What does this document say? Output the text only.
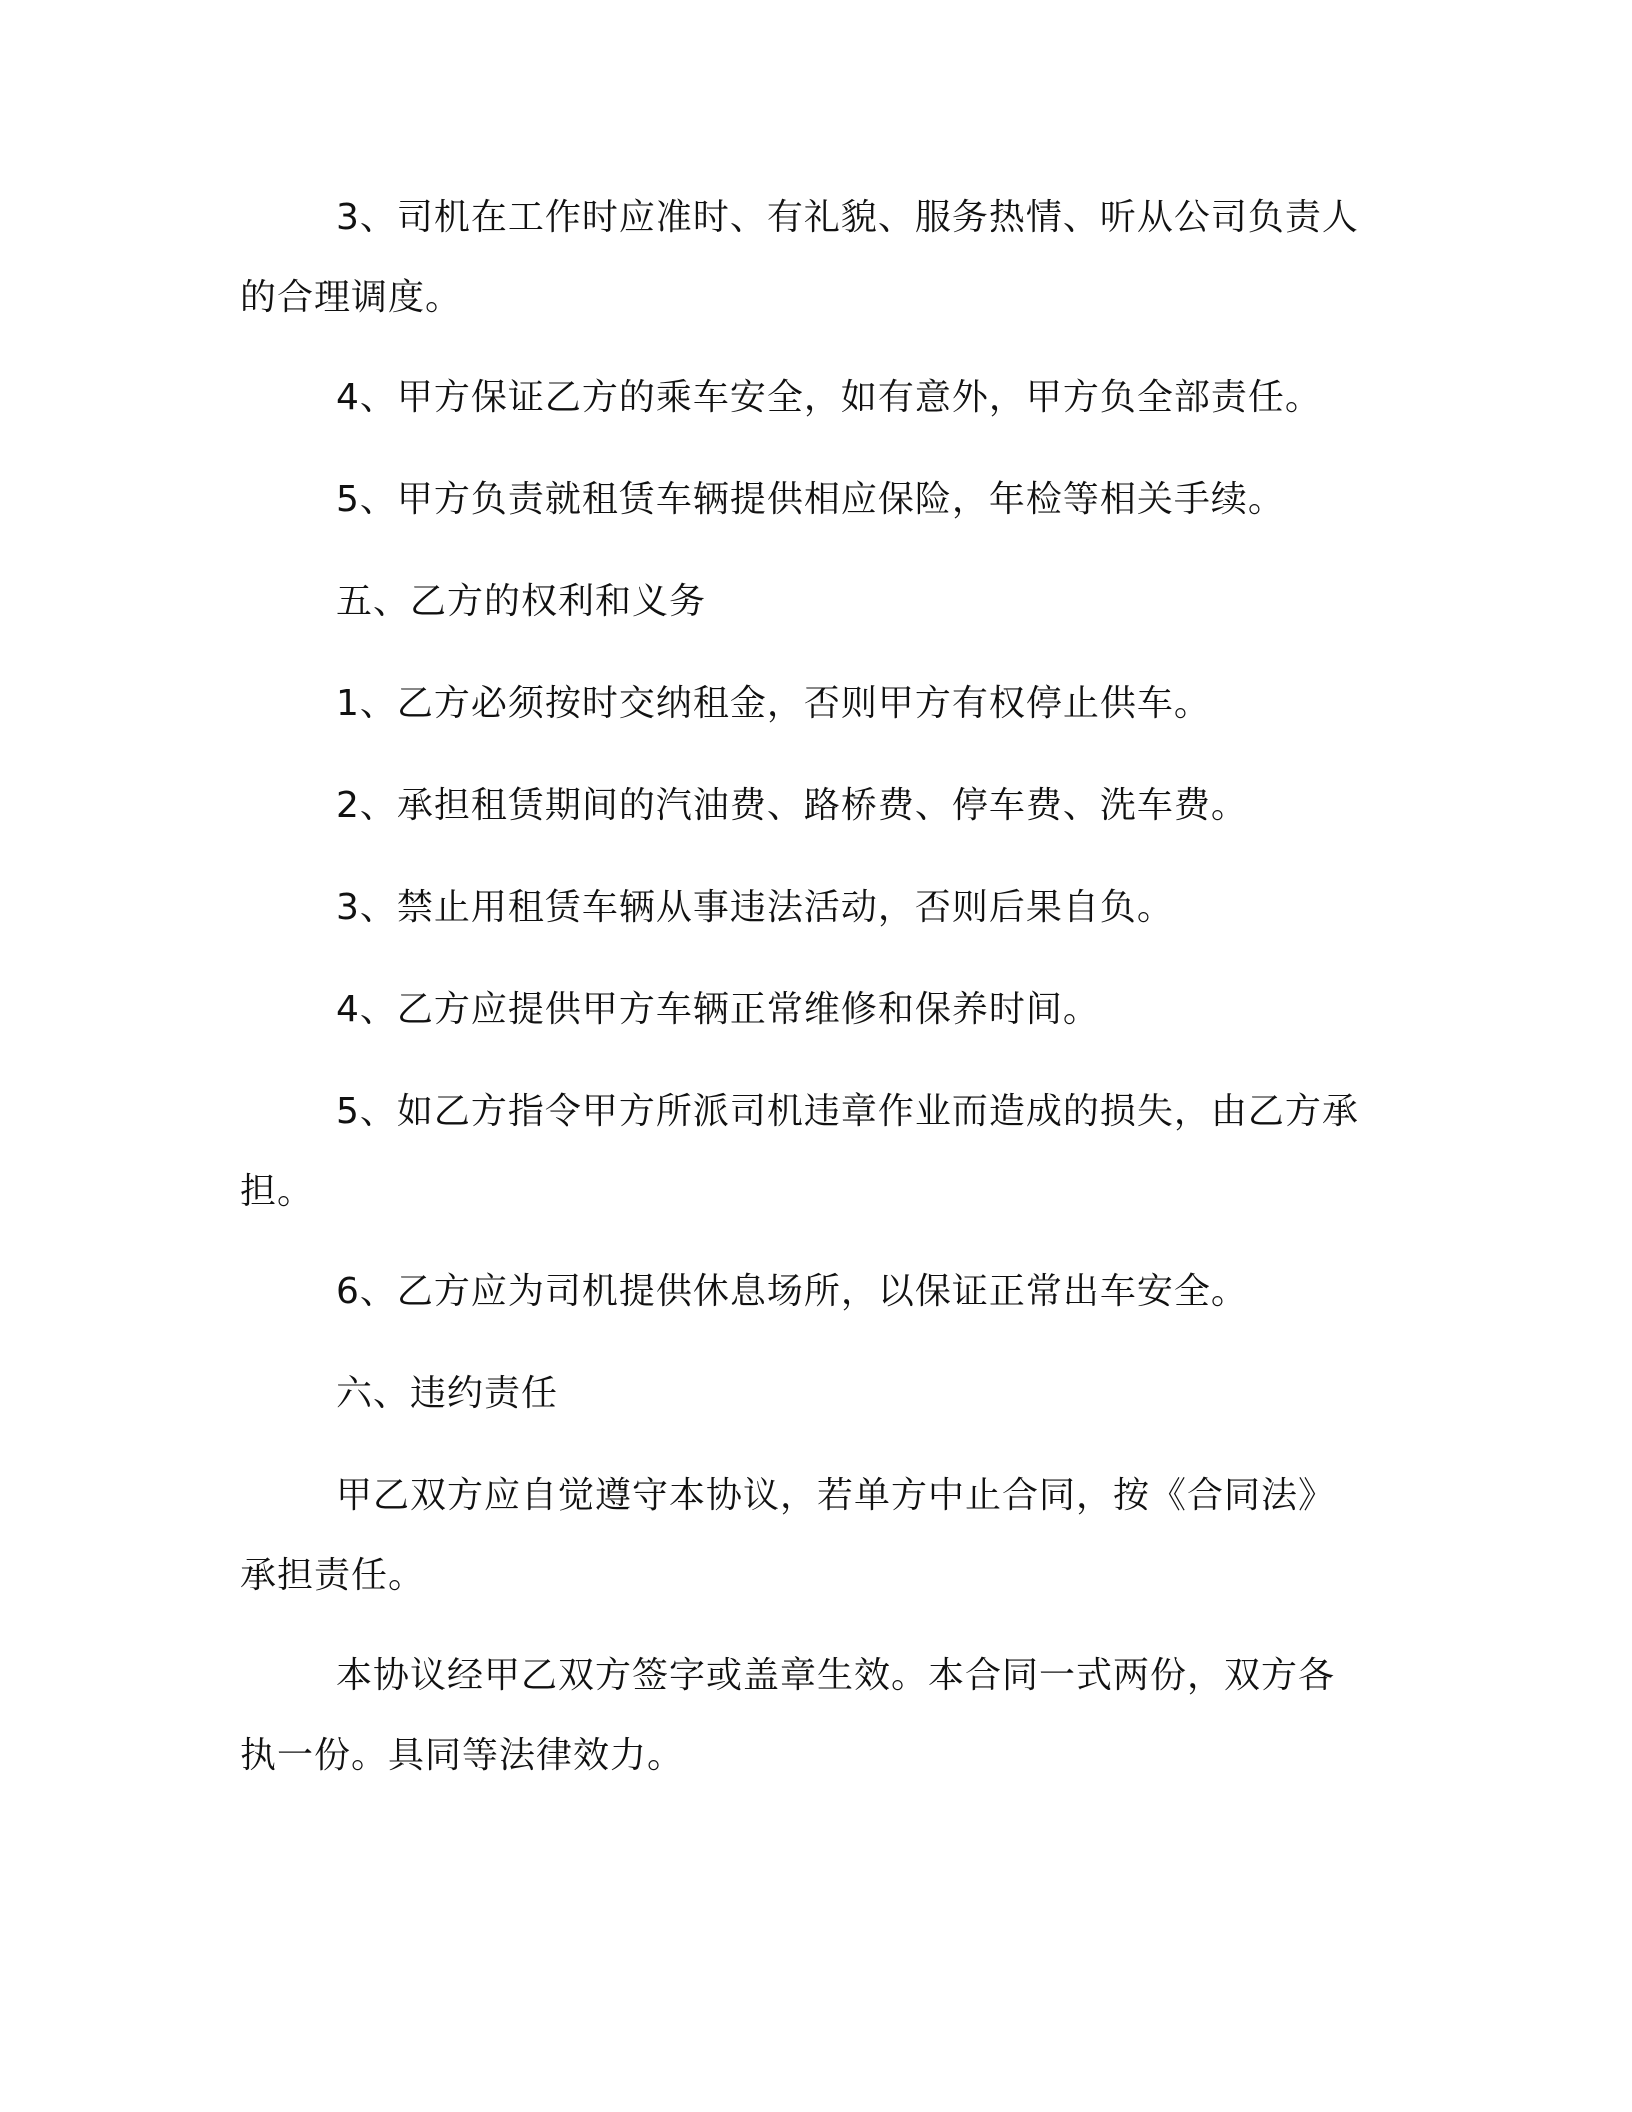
3、司机在工作时应准时、有礼貌、服务热情、听从公司负责人的合理调度。

4、甲方保证乙方的乘车安全，如有意外，甲方负全部责任。

5、甲方负责就租赁车辆提供相应保险，年检等相关手续。

五、乙方的权利和义务

1、乙方必须按时交纳租金，否则甲方有权停止供车。

2、承担租赁期间的汽油费、路桥费、停车费、洗车费。

3、禁止用租赁车辆从事违法活动，否则后果自负。

4、乙方应提供甲方车辆正常维修和保养时间。

5、如乙方指令甲方所派司机违章作业而造成的损失，由乙方承担。

6、乙方应为司机提供休息场所，以保证正常出车安全。

六、违约责任

甲乙双方应自觉遵守本协议，若单方中止合同，按《合同法》承担责任。

本协议经甲乙双方签字或盖章生效。本合同一式两份，双方各执一份。具同等法律效力。
